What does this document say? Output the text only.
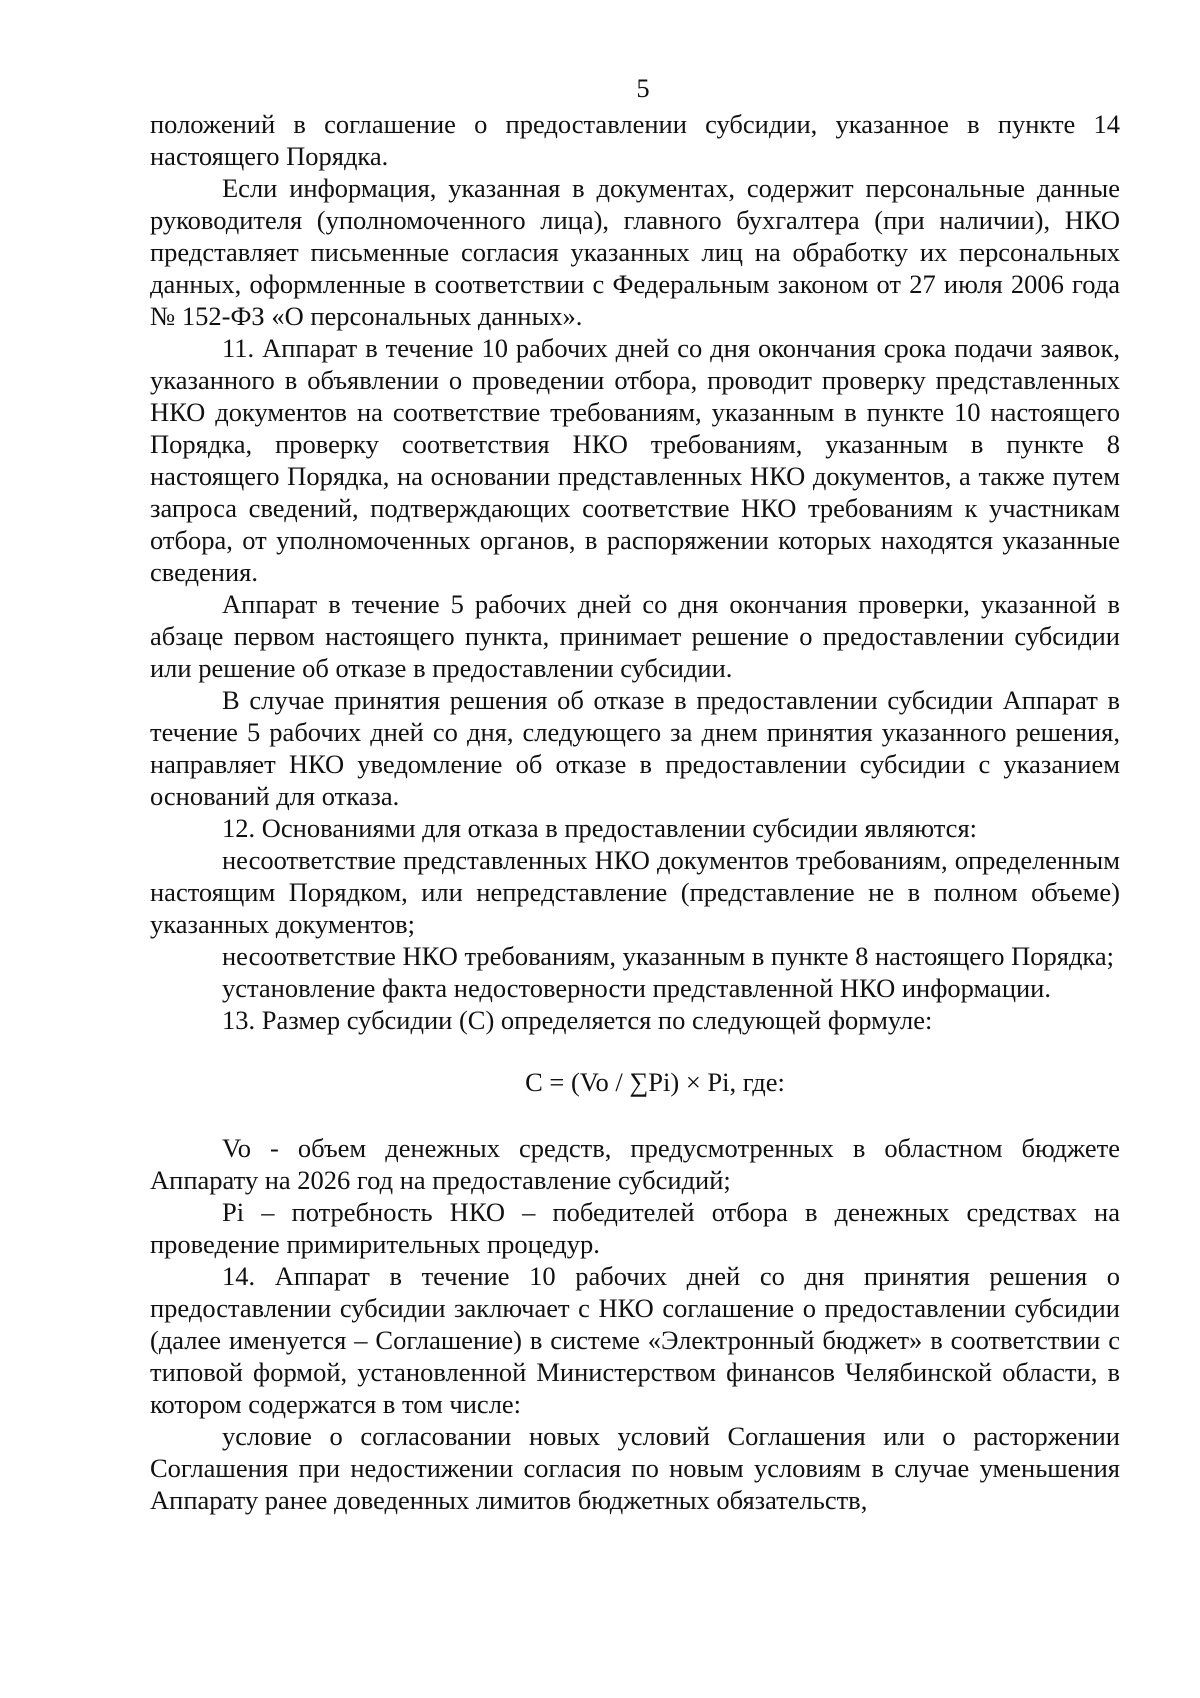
5

положений в соглашение о предоставлении субсидии, указанное в пункте 14 настоящего Порядка.

Если информация, указанная в документах, содержит персональные данные руководителя (уполномоченного лица), главного бухгалтера (при наличии), НКО представляет письменные согласия указанных лиц на обработку их персональных данных, оформленные в соответствии с Федеральным законом от 27 июля 2006 года № 152-ФЗ «О персональных данных».

11. Аппарат в течение 10 рабочих дней со дня окончания срока подачи заявок, указанного в объявлении о проведении отбора, проводит проверку представленных НКО документов на соответствие требованиям, указанным в пункте 10 настоящего Порядка, проверку соответствия НКО требованиям, указанным в пункте 8 настоящего Порядка, на основании представленных НКО документов, а также путем запроса сведений, подтверждающих соответствие НКО требованиям к участникам отбора, от уполномоченных органов, в распоряжении которых находятся указанные сведения.

Аппарат в течение 5 рабочих дней со дня окончания проверки, указанной в абзаце первом настоящего пункта, принимает решение о предоставлении субсидии или решение об отказе в предоставлении субсидии.

В случае принятия решения об отказе в предоставлении субсидии Аппарат в течение 5 рабочих дней со дня, следующего за днем принятия указанного решения, направляет НКО уведомление об отказе в предоставлении субсидии с указанием оснований для отказа.

12. Основаниями для отказа в предоставлении субсидии являются:

несоответствие представленных НКО документов требованиям, определенным настоящим Порядком, или непредставление (представление не в полном объеме) указанных документов;

несоответствие НКО требованиям, указанным в пункте 8 настоящего Порядка;

установление факта недостоверности представленной НКО информации.

13. Размер субсидии (С) определяется по следующей формуле:

С = (Vo / ∑Pi) × Pi, где:

Vo - объем денежных средств, предусмотренных в областном бюджете Аппарату на 2026 год на предоставление субсидий;

Pi – потребность НКО – победителей отбора в денежных средствах на проведение примирительных процедур.

14. Аппарат в течение 10 рабочих дней со дня принятия решения о предоставлении субсидии заключает с НКО соглашение о предоставлении субсидии (далее именуется – Соглашение) в системе «Электронный бюджет» в соответствии с типовой формой, установленной Министерством финансов Челябинской области, в котором содержатся в том числе:

условие о согласовании новых условий Соглашения или о расторжении Соглашения при недостижении согласия по новым условиям в случае уменьшения Аппарату ранее доведенных лимитов бюджетных обязательств,
